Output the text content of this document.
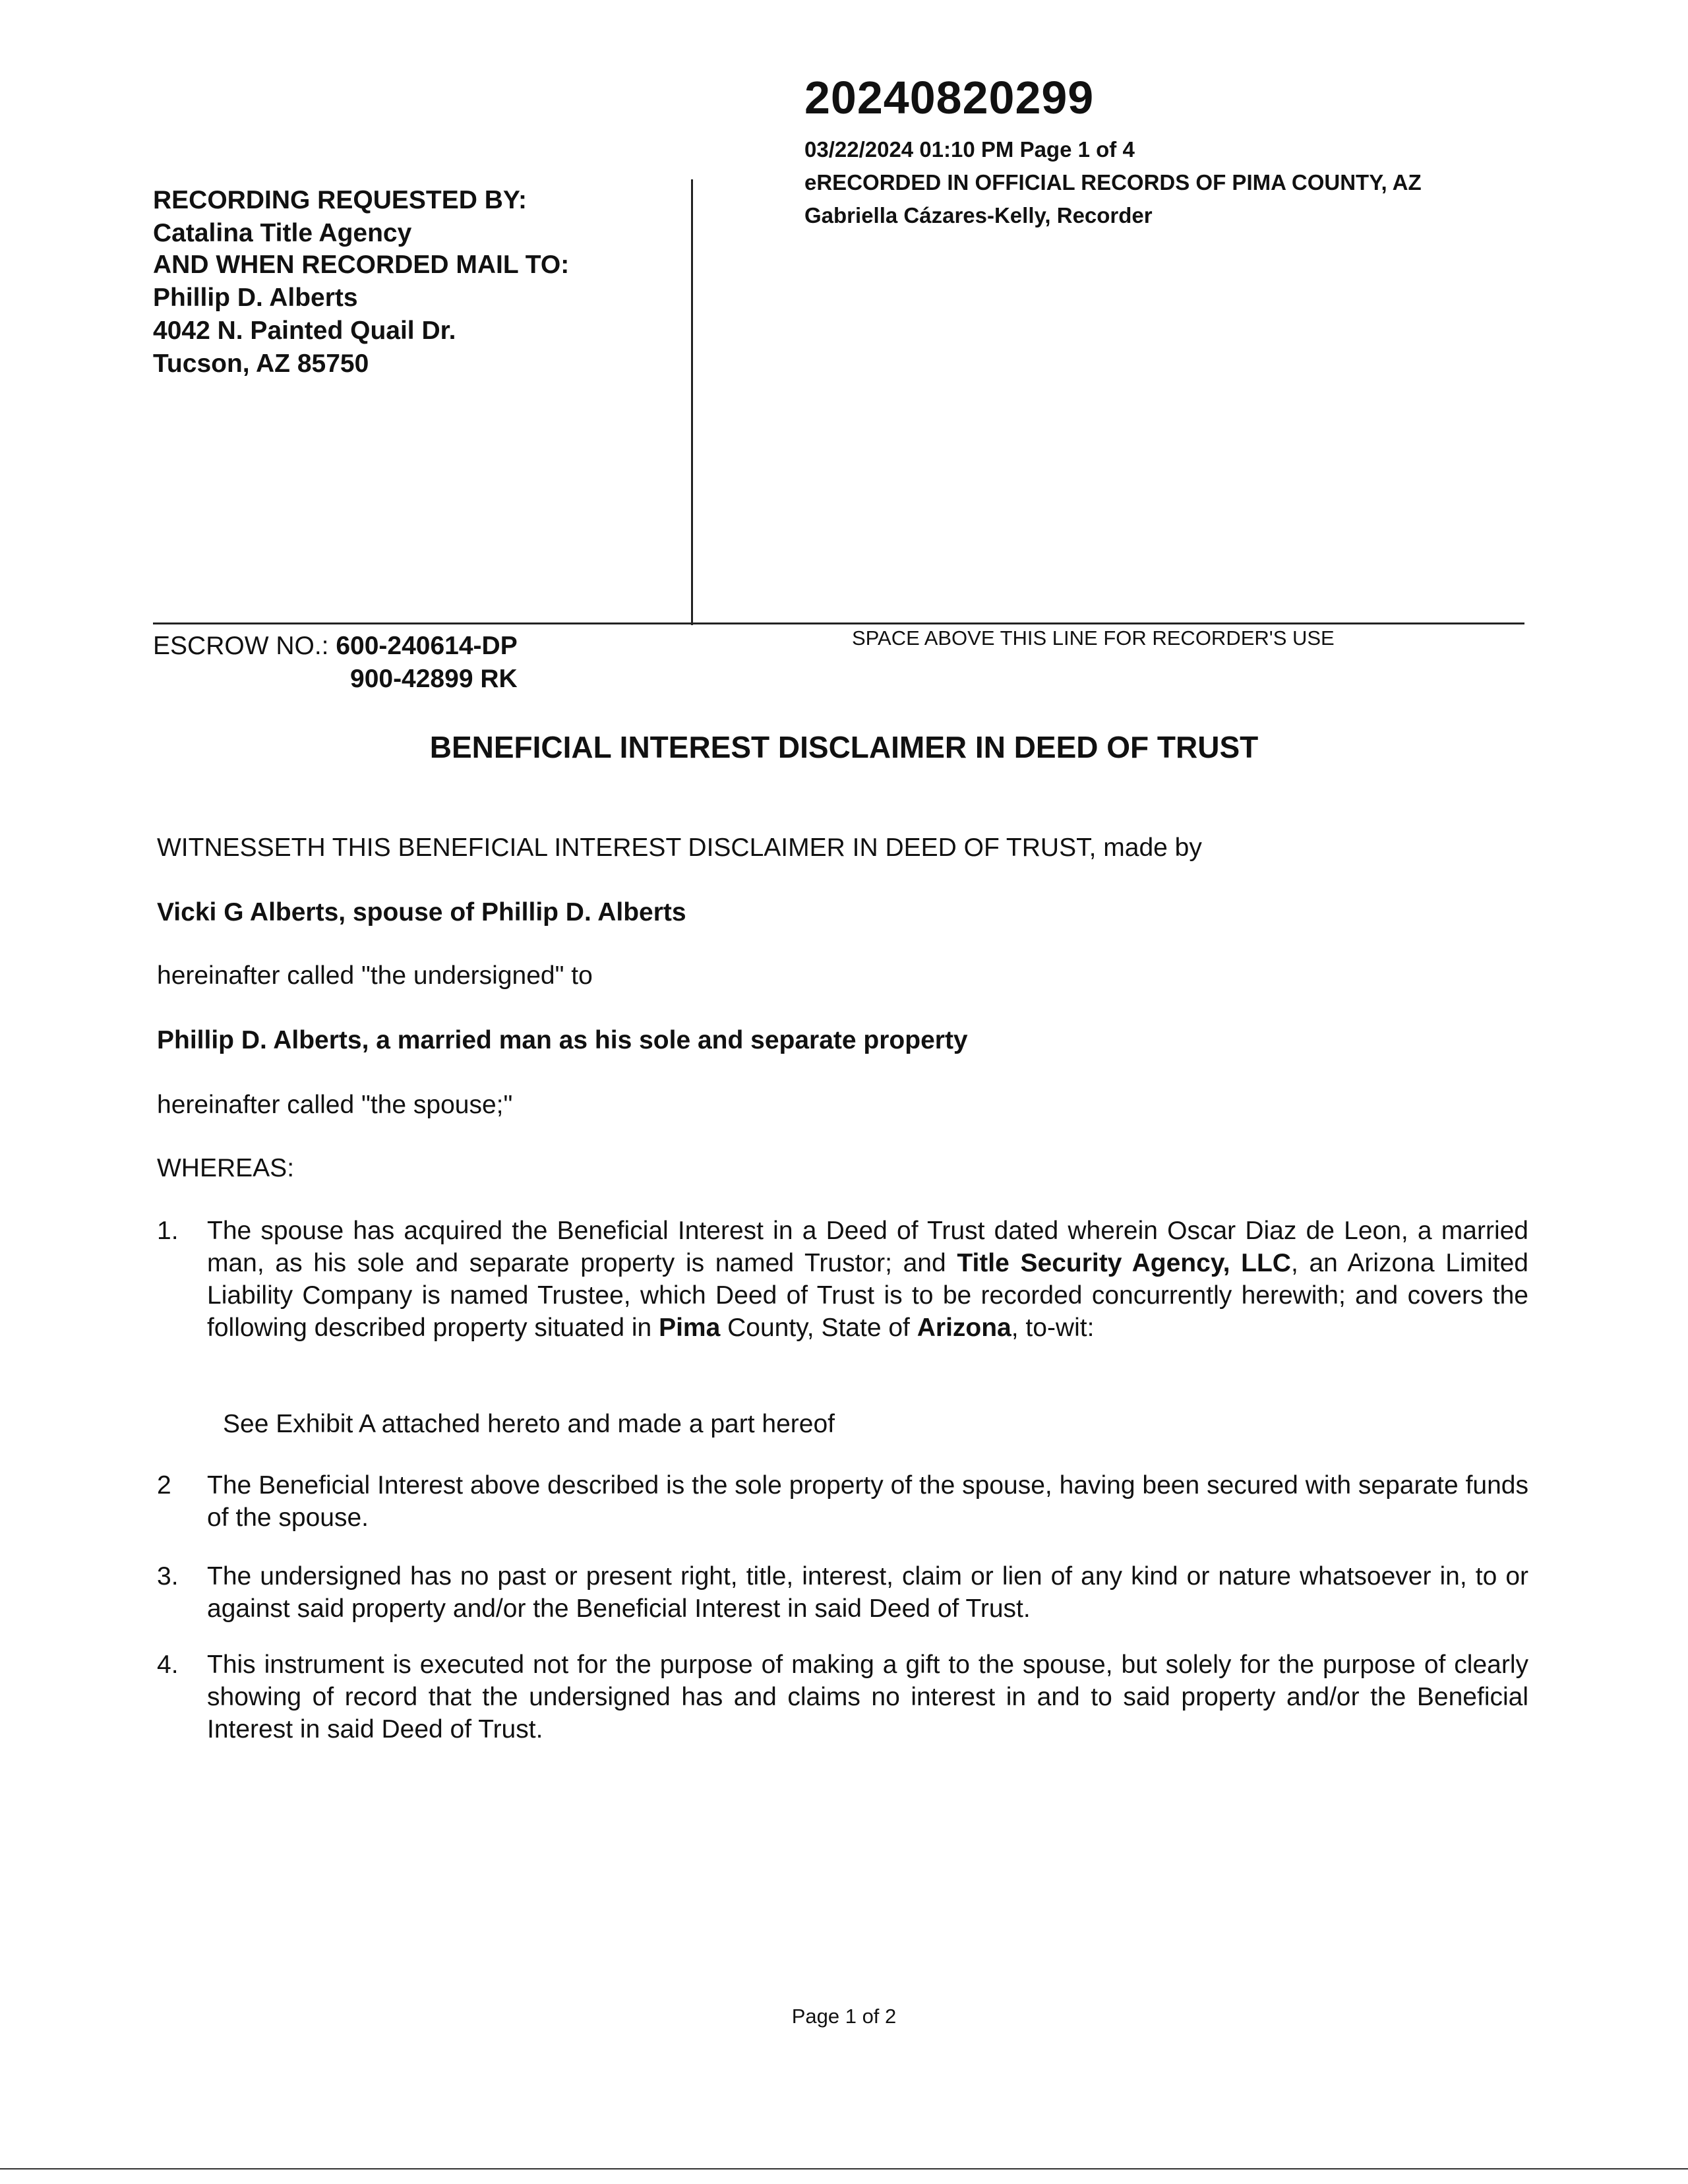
20240820299
03/22/2024 01:10 PM Page 1 of 4
eRECORDED IN OFFICIAL RECORDS OF PIMA COUNTY, AZ
Gabriella Cázares-Kelly, Recorder
RECORDING REQUESTED BY:
Catalina Title Agency
AND WHEN RECORDED MAIL TO:
Phillip D. Alberts
4042 N. Painted Quail Dr.
Tucson, AZ 85750
ESCROW NO.: 600-240614-DP
900-42899 RK
SPACE ABOVE THIS LINE FOR RECORDER'S USE
BENEFICIAL INTEREST DISCLAIMER IN DEED OF TRUST
WITNESSETH THIS BENEFICIAL INTEREST DISCLAIMER IN DEED OF TRUST, made by
Vicki G Alberts, spouse of Phillip D. Alberts
hereinafter called "the undersigned" to
Phillip D. Alberts, a married man as his sole and separate property
hereinafter called "the spouse;"
WHEREAS:
1.	The spouse has acquired the Beneficial Interest in a Deed of Trust dated wherein Oscar Diaz de Leon, a married man, as his sole and separate property is named Trustor; and Title Security Agency, LLC, an Arizona Limited Liability Company is named Trustee, which Deed of Trust is to be recorded concurrently herewith; and covers the following described property situated in Pima County, State of Arizona, to-wit:
See Exhibit A attached hereto and made a part hereof
2	The Beneficial Interest above described is the sole property of the spouse, having been secured with separate funds of the spouse.
3.	The undersigned has no past or present right, title, interest, claim or lien of any kind or nature whatsoever in, to or against said property and/or the Beneficial Interest in said Deed of Trust.
4.	This instrument is executed not for the purpose of making a gift to the spouse, but solely for the purpose of clearly showing of record that the undersigned has and claims no interest in and to said property and/or the Beneficial Interest in said Deed of Trust.
Page 1 of 2
